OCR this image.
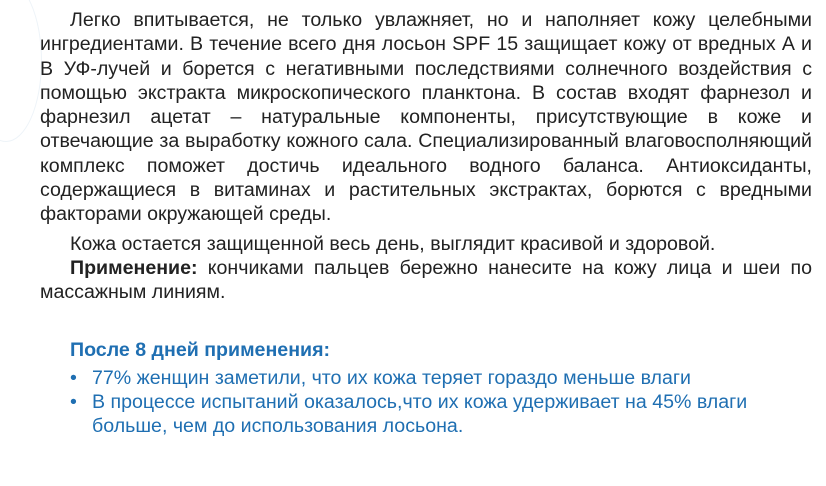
Легко впитывается, не только увлажняет, но и наполняет кожу целебными ингредиентами. В течение всего дня лосьон SPF 15 защищает кожу от вредных А и В УФ-лучей и борется с негативными последствиями солнечного воздействия с помощью экстракта микроскопического планктона. В состав входят фарнезол и фарнезил ацетат – натуральные компоненты, присутствующие в коже и отвечающие за выработку кожного сала. Специализированный влаговосполняющий комплекс поможет достичь идеального водного баланса. Антиоксиданты, содержащиеся в витаминах и растительных экстрактах, борются с вредными факторами окружающей среды.

Кожа остается защищенной весь день, выглядит красивой и здоровой.

Применение: кончиками пальцев бережно нанесите на кожу лица и шеи по массажным линиям.

После 8 дней применения:
• 77% женщин заметили, что их кожа теряет гораздо меньше влаги
• В процессе испытаний оказалось,что их кожа удерживает на 45% влаги больше, чем до использования лосьона.
